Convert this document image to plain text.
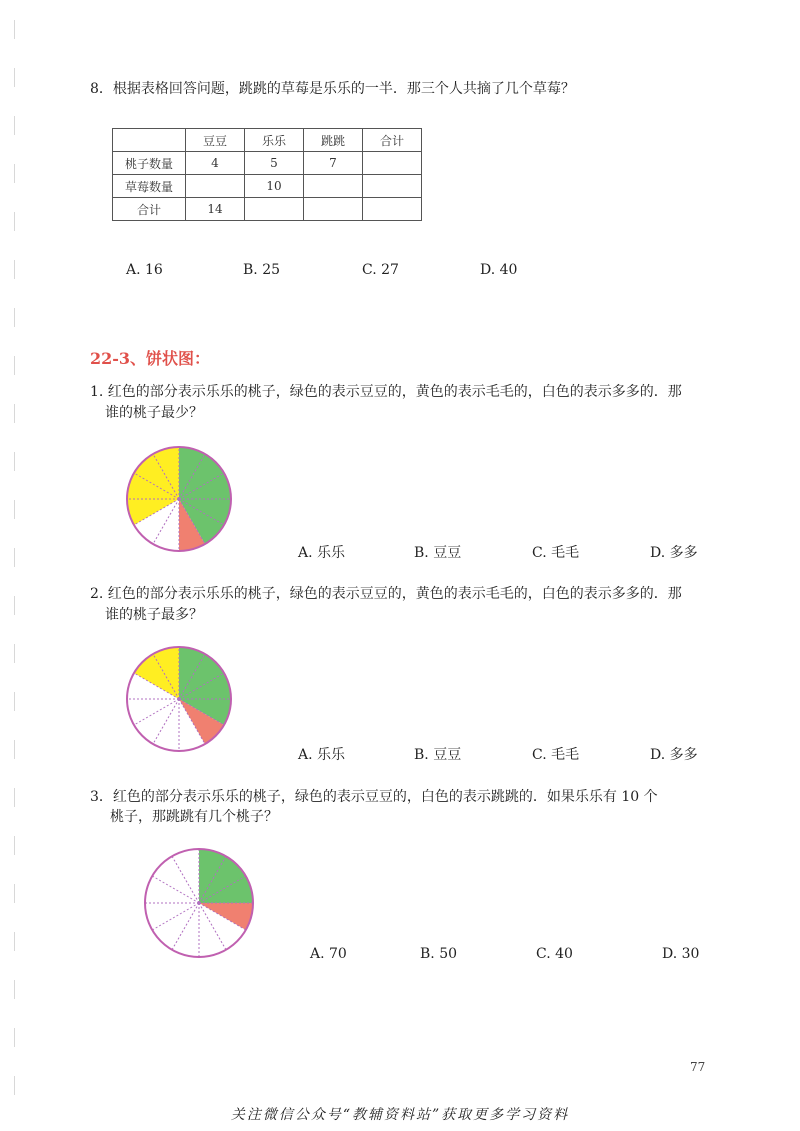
8．根据表格回答问题，跳跳的草莓是乐乐的一半．那三个人共摘了几个草莓？
	豆豆	乐乐	跳跳	合计
桃子数量	4	5	7	
草莓数量		10		
合计	14			
A. 16	B. 25	C. 27	D. 40
22-3、饼状图：
1. 红色的部分表示乐乐的桃子，绿色的表示豆豆的，黄色的表示毛毛的，白色的表示多多的．那
谁的桃子最少？
A. 乐乐	B. 豆豆	C. 毛毛	D. 多多
2. 红色的部分表示乐乐的桃子，绿色的表示豆豆的，黄色的表示毛毛的，白色的表示多多的．那
谁的桃子最多？
A. 乐乐	B. 豆豆	C. 毛毛	D. 多多
3．红色的部分表示乐乐的桃子，绿色的表示豆豆的，白色的表示跳跳的．如果乐乐有 10 个
桃子，那跳跳有几个桃子？
A. 70	B. 50	C. 40	D. 30
77
关注微信公众号“教辅资料站”获取更多学习资料
